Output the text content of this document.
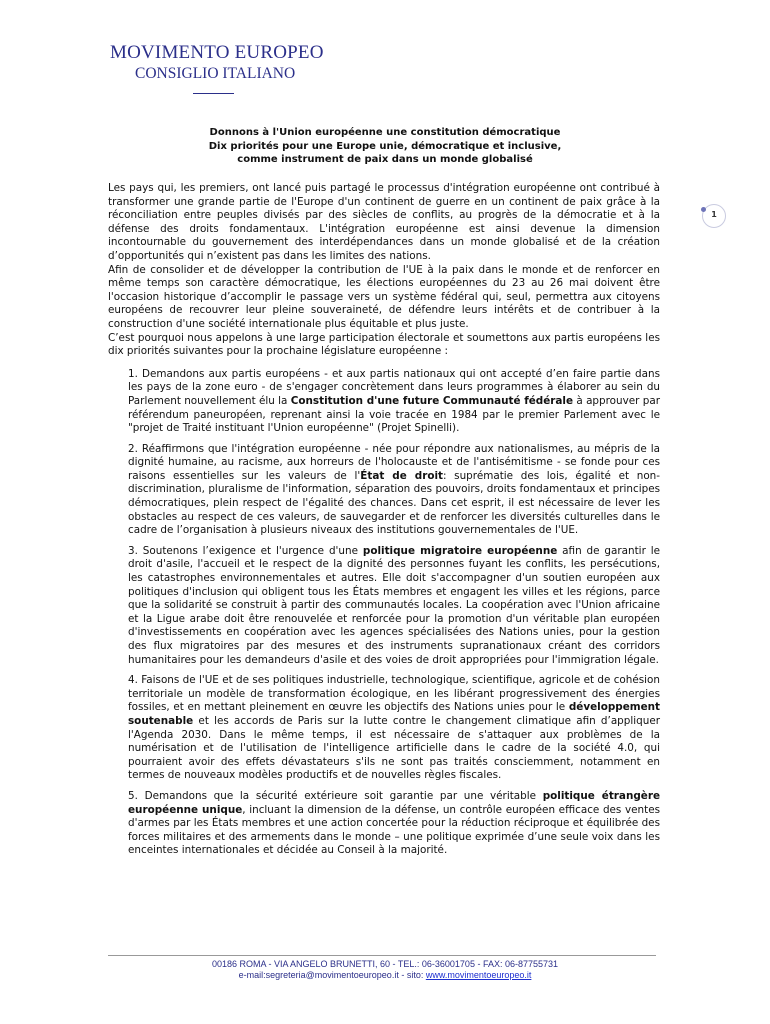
MOVIMENTO EUROPEO
CONSIGLIO ITALIANO
Donnons à l'Union européenne une constitution démocratique
Dix priorités pour une Europe unie, démocratique et inclusive,
comme instrument de paix dans un monde globalisé
1

Les pays qui, les premiers, ont lancé puis partagé le processus d'intégration européenne ont contribué à transformer une grande partie de l'Europe d'un continent de guerre en un continent de paix grâce à la réconciliation entre peuples divisés par des siècles de conflits, au progrès de la démocratie et à la défense des droits fondamentaux. L'intégration européenne est ainsi devenue la dimension incontournable du gouvernement des interdépendances dans un monde globalisé et de la création d’opportunités qui n’existent pas dans les limites des nations.

Afin de consolider et de développer la contribution de l'UE à la paix dans le monde et de renforcer en même temps son caractère démocratique, les élections européennes du 23 au 26 mai doivent être l'occasion historique d’accomplir le passage vers un système fédéral qui, seul, permettra aux citoyens européens de recouvrer leur pleine souveraineté, de défendre leurs intérêts et de contribuer à la construction d'une société internationale plus équitable et plus juste.

C’est pourquoi nous appelons à une large participation électorale et soumettons aux partis européens les dix priorités suivantes pour la prochaine législature européenne :

1. Demandons aux partis européens - et aux partis nationaux qui ont accepté d’en faire partie dans les pays de la zone euro - de s'engager concrètement dans leurs programmes à élaborer au sein du Parlement nouvellement élu la Constitution d'une future Communauté fédérale à approuver par référendum paneuropéen, reprenant ainsi la voie tracée en 1984 par le premier Parlement avec le "projet de Traité instituant l'Union européenne" (Projet Spinelli).

2. Réaffirmons que l'intégration européenne - née pour répondre aux nationalismes, au mépris de la dignité humaine, au racisme, aux horreurs de l'holocauste et de l'antisémitisme - se fonde pour ces raisons essentielles sur les valeurs de l'État de droit: suprématie des lois, égalité et non-discrimination, pluralisme de l'information, séparation des pouvoirs, droits fondamentaux et principes démocratiques, plein respect de l'égalité des chances. Dans cet esprit, il est nécessaire de lever les obstacles au respect de ces valeurs, de sauvegarder et de renforcer les diversités culturelles dans le cadre de l’organisation à plusieurs niveaux des institutions gouvernementales de l'UE.

3. Soutenons l’exigence et l'urgence d'une politique migratoire européenne afin de garantir le droit d'asile, l'accueil et le respect de la dignité des personnes fuyant les conflits, les persécutions, les catastrophes environnementales et autres. Elle doit s'accompagner d'un soutien européen aux politiques d'inclusion qui obligent tous les États membres et engagent les villes et les régions, parce que la solidarité se construit à partir des communautés locales. La coopération avec l'Union africaine et la Ligue arabe doit être renouvelée et renforcée pour la promotion d'un véritable plan européen d'investissements en coopération avec les agences spécialisées des Nations unies, pour la gestion des flux migratoires par des mesures et des instruments supranationaux créant des corridors humanitaires pour les demandeurs d'asile et des voies de droit appropriées pour l'immigration légale.

4. Faisons de l'UE et de ses politiques industrielle, technologique, scientifique, agricole et de cohésion territoriale un modèle de transformation écologique, en les libérant progressivement des énergies fossiles, et en mettant pleinement en œuvre les objectifs des Nations unies pour le développement soutenable et les accords de Paris sur la lutte contre le changement climatique afin d’appliquer l'Agenda 2030. Dans le même temps, il est nécessaire de s'attaquer aux problèmes de la numérisation et de l'utilisation de l'intelligence artificielle dans le cadre de la société 4.0, qui pourraient avoir des effets dévastateurs s'ils ne sont pas traités consciemment, notamment en termes de nouveaux modèles productifs et de nouvelles règles fiscales.

5. Demandons que la sécurité extérieure soit garantie par une véritable politique étrangère européenne unique, incluant la dimension de la défense, un contrôle européen efficace des ventes d'armes par les États membres et une action concertée pour la réduction réciproque et équilibrée des forces militaires et des armements dans le monde – une politique exprimée d’une seule voix dans les enceintes internationales et décidée au Conseil à la majorité.

00186 ROMA - VIA ANGELO BRUNETTI, 60 - TEL.: 06-36001705 - FAX: 06-87755731
e-mail:segreteria@movimentoeuropeo.it - sito: www.movimentoeuropeo.it
